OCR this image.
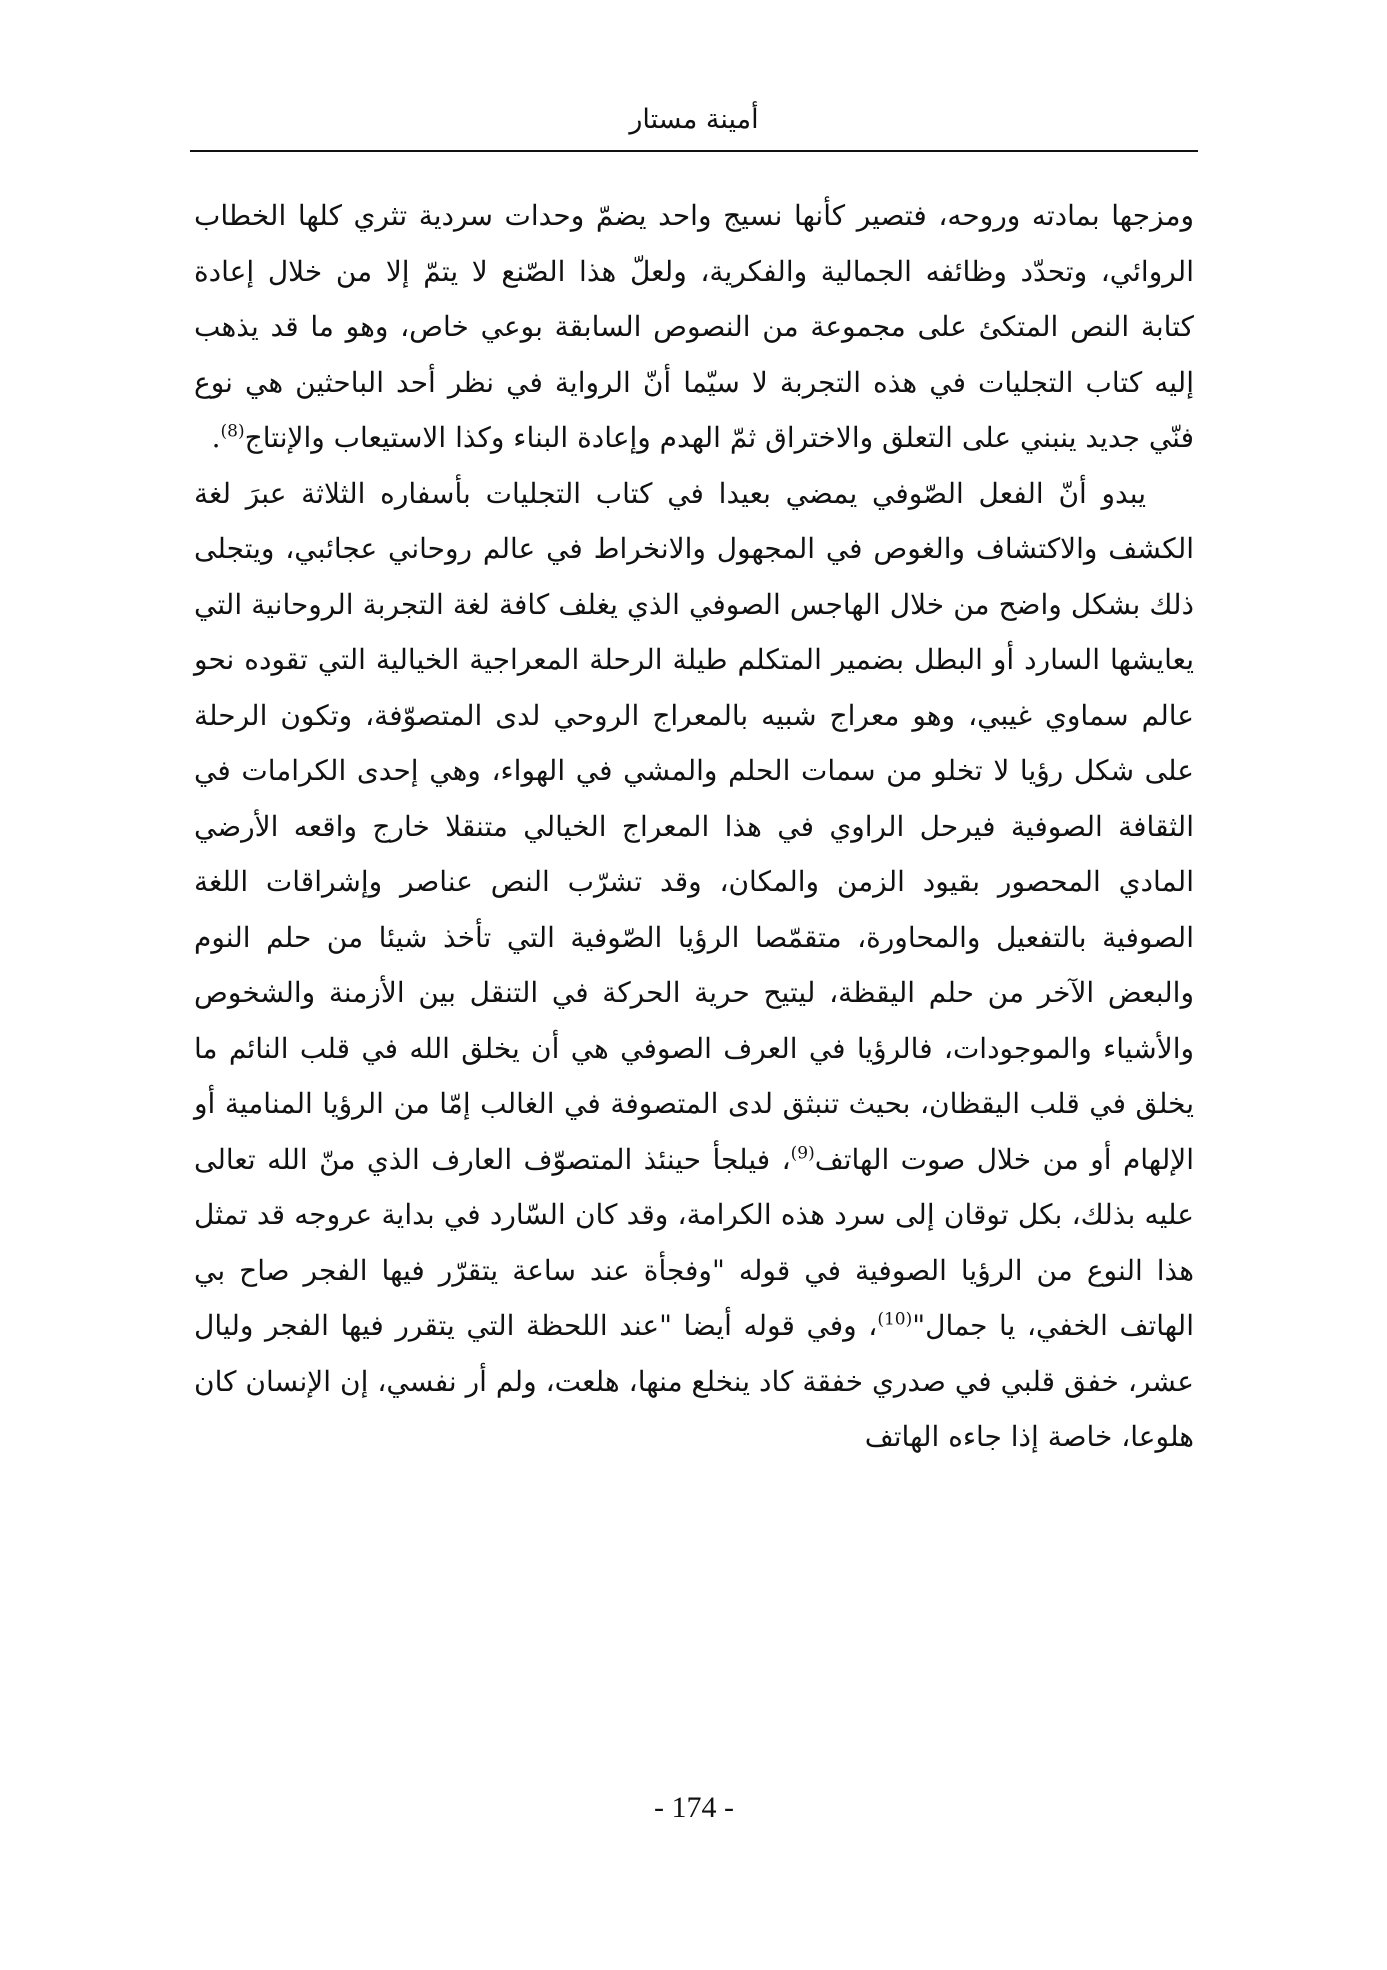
أمينة مستار

ومزجها بمادته وروحه، فتصير كأنها نسيج واحد يضمّ وحدات سردية تثري كلها الخطاب الروائي، وتحدّد وظائفه الجمالية والفكرية، ولعلّ هذا الصّنع لا يتمّ إلا من خلال إعادة كتابة النص المتكئ على مجموعة من النصوص السابقة بوعي خاص، وهو ما قد يذهب إليه كتاب التجليات في هذه التجربة لا سيّما أنّ الرواية في نظر أحد الباحثين هي نوع فنّي جديد ينبني على التعلق والاختراق ثمّ الهدم وإعادة البناء وكذا الاستيعاب والإنتاج$^{(8)}$.

يبدو أنّ الفعل الصّوفي يمضي بعيدا في كتاب التجليات بأسفاره الثلاثة عبرَ لغة الكشف والاكتشاف والغوص في المجهول والانخراط في عالم روحاني عجائبي، ويتجلى ذلك بشكل واضح من خلال الهاجس الصوفي الذي يغلف كافة لغة التجربة الروحانية التي يعايشها السارد أو البطل بضمير المتكلم طيلة الرحلة المعراجية الخيالية التي تقوده نحو عالم سماوي غيبي، وهو معراج شبيه بالمعراج الروحي لدى المتصوّفة، وتكون الرحلة على شكل رؤيا لا تخلو من سمات الحلم والمشي في الهواء، وهي إحدى الكرامات في الثقافة الصوفية فيرحل الراوي في هذا المعراج الخيالي متنقلا خارج واقعه الأرضي المادي المحصور بقيود الزمن والمكان، وقد تشرّب النص عناصر وإشراقات اللغة الصوفية بالتفعيل والمحاورة، متقمّصا الرؤيا الصّوفية التي تأخذ شيئا من حلم النوم والبعض الآخر من حلم اليقظة، ليتيح حرية الحركة في التنقل بين الأزمنة والشخوص والأشياء والموجودات، فالرؤيا في العرف الصوفي هي أن يخلق الله في قلب النائم ما يخلق في قلب اليقظان، بحيث تنبثق لدى المتصوفة في الغالب إمّا من الرؤيا المنامية أو الإلهام أو من خلال صوت الهاتف$^{(9)}$، فيلجأ حينئذ المتصوّف العارف الذي منّ الله تعالى عليه بذلك، بكل توقان إلى سرد هذه الكرامة، وقد كان السّارد في بداية عروجه قد تمثل هذا النوع من الرؤيا الصوفية في قوله "وفجأة عند ساعة يتقرّر فيها الفجر صاح بي الهاتف الخفي، يا جمال"$^{(10)}$، وفي قوله أيضا "عند اللحظة التي يتقرر فيها الفجر وليال عشر، خفق قلبي في صدري خفقة كاد ينخلع منها، هلعت، ولم أر نفسي، إن الإنسان كان هلوعا، خاصة إذا جاءه الهاتف

- 174 -
